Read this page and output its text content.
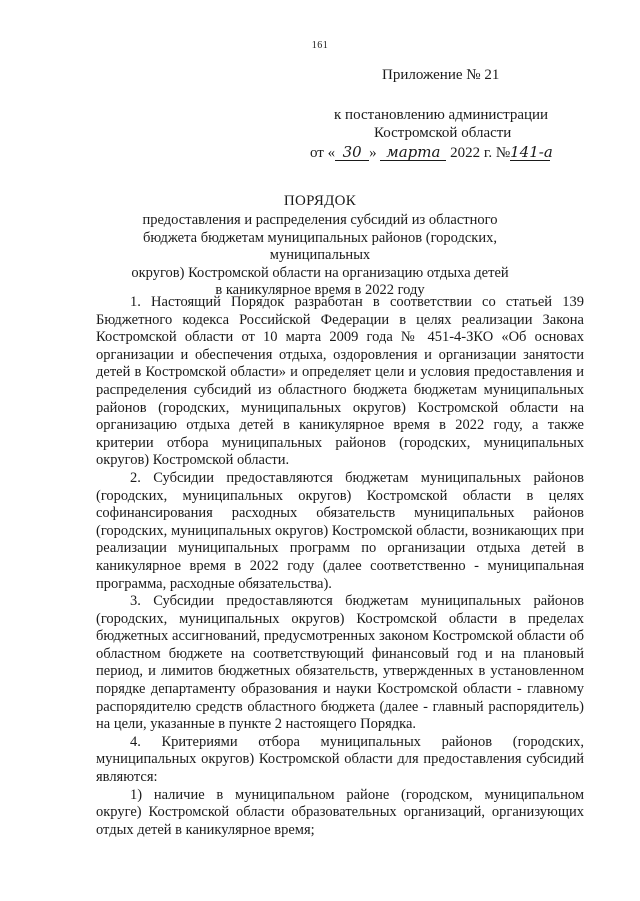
161
Приложение № 21
к постановлению администрации
Костромской области
от « 30 » марта 2022 г. №141-а
ПОРЯДОК
предоставления и распределения субсидий из областного
бюджета бюджетам муниципальных районов (городских, муниципальных
округов) Костромской области на организацию отдыха детей
в каникулярное время в 2022 году

1. Настоящий Порядок разработан в соответствии со статьей 139 Бюджетного кодекса Российской Федерации в целях реализации Закона Костромской области от 10 марта 2009 года № 451-4-ЗКО «Об основах организации и обеспечения отдыха, оздоровления и организации занятости детей в Костромской области» и определяет цели и условия предоставления и распределения субсидий из областного бюджета бюджетам муниципальных районов (городских, муниципальных округов) Костромской области на организацию отдыха детей в каникулярное время в 2022 году, а также критерии отбора муниципальных районов (городских, муниципальных округов) Костромской области.

2. Субсидии предоставляются бюджетам муниципальных районов (городских, муниципальных округов) Костромской области в целях софинансирования расходных обязательств муниципальных районов (городских, муниципальных округов) Костромской области, возникающих при реализации муниципальных программ по организации отдыха детей в каникулярное время в 2022 году (далее соответственно - муниципальная программа, расходные обязательства).

3. Субсидии предоставляются бюджетам муниципальных районов (городских, муниципальных округов) Костромской области в пределах бюджетных ассигнований, предусмотренных законом Костромской области об областном бюджете на соответствующий финансовый год и на плановый период, и лимитов бюджетных обязательств, утвержденных в установленном порядке департаменту образования и науки Костромской области - главному распорядителю средств областного бюджета (далее - главный распорядитель) на цели, указанные в пункте 2 настоящего Порядка.

4. Критериями отбора муниципальных районов (городских, муниципальных округов) Костромской области для предоставления субсидий являются:

1) наличие в муниципальном районе (городском, муниципальном округе) Костромской области образовательных организаций, организующих отдых детей в каникулярное время;
